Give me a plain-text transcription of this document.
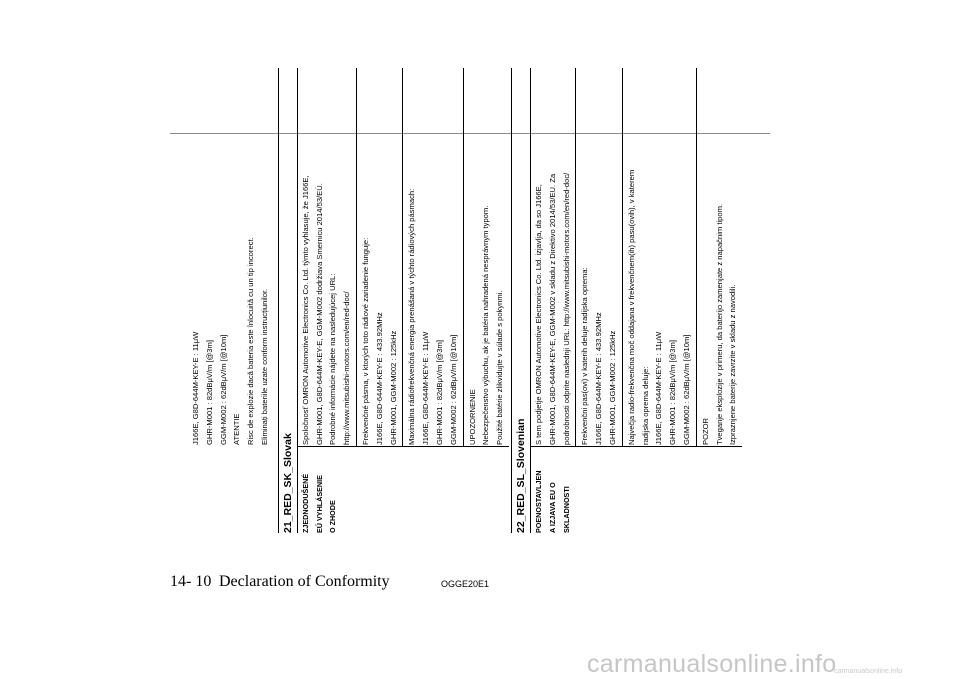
J166E, G8D-644M-KEY-E : 11μW GHR-M001 : 82dBμV/m [@3m] GGM-M002 : 62dBμV/m [@10m] ATENTIE Risc de explozie dacă bateria este înlocuită cu un tip incorect. Eliminați bateriile uzate conform instrucțiunilor.
21_RED_SK_Slovak ZJEDNODUŠENÉ EÚ VYHLÁSENIE O ZHODE
Spoločnosť OMRON Automotive Electronics Co. Ltd. týmto vyhlasuje, že J166E, GHR-M001, G8D-644M-KEY-E, GGM-M002 dodržiava Smernicu 2014/53/EÚ. Podrobné informácie nájdete na nasledujúcej URL: http://www.mitsubishi-motors.com/en/red-doc/	Frekvenčné pásma, v ktorých toto rádiové zariadenie funguje: J166E, G8D-644M-KEY-E : 433.92MHz GHR-M001, GGM-M002 : 125kHz	Maximálna rádiofrekvenčná energia prenášaná v týchto rádiových pásmach: J166E, G8D-644M-KEY-E : 11μW GHR-M001 : 82dBμV/m [@3m] GGM-M002 : 62dBμV/m [@10m]	UPOZORNENIE Nebezpečenstvo výbuchu, ak je batéria nahradená nesprávnym typom. Použité batérie zlikvidujte v súlade s pokynmi.
22_RED_SL_Slovenian POENOSTAVLJEN A IZJAVA EU O SKLADNOSTI
S tem podjetje OMRON Automotive Electronics Co. Ltd. izjavlja, da so J166E, GHR-M001, G8D-644M-KEY-E, GGM-M002 v skladu z Direktivo 2014/53/EU. Za podrobnosti odprite naslednji URL: http://www.mitsubishi-motors.com/en/red-doc/	Frekvenčni pas(ovi) v katerih deluje radijska oprema: J166E, G8D-644M-KEY-E : 433.92MHz GHR-M001, GGM-M002 : 125kHz	Največja radio-frekvenčna moč oddajana v frekvenčnem(ih) pasu(ovih), v katerem radijska oprema deluje: J166E, G8D-644M-KEY-E : 11μW GHR-M001 : 82dBμV/m [@3m] GGM-M002 : 62dBμV/m [@10m]	POZOR Tveganje eksplozije v primeru, da baterijo zamenjate z napačnim tipom. Izpraznjene baterije zavrzite v skladu z navodili.
14- 10 Declaration of Conformity	OGGE20E1
carmanualsonline.info
carmanualsonline.info
